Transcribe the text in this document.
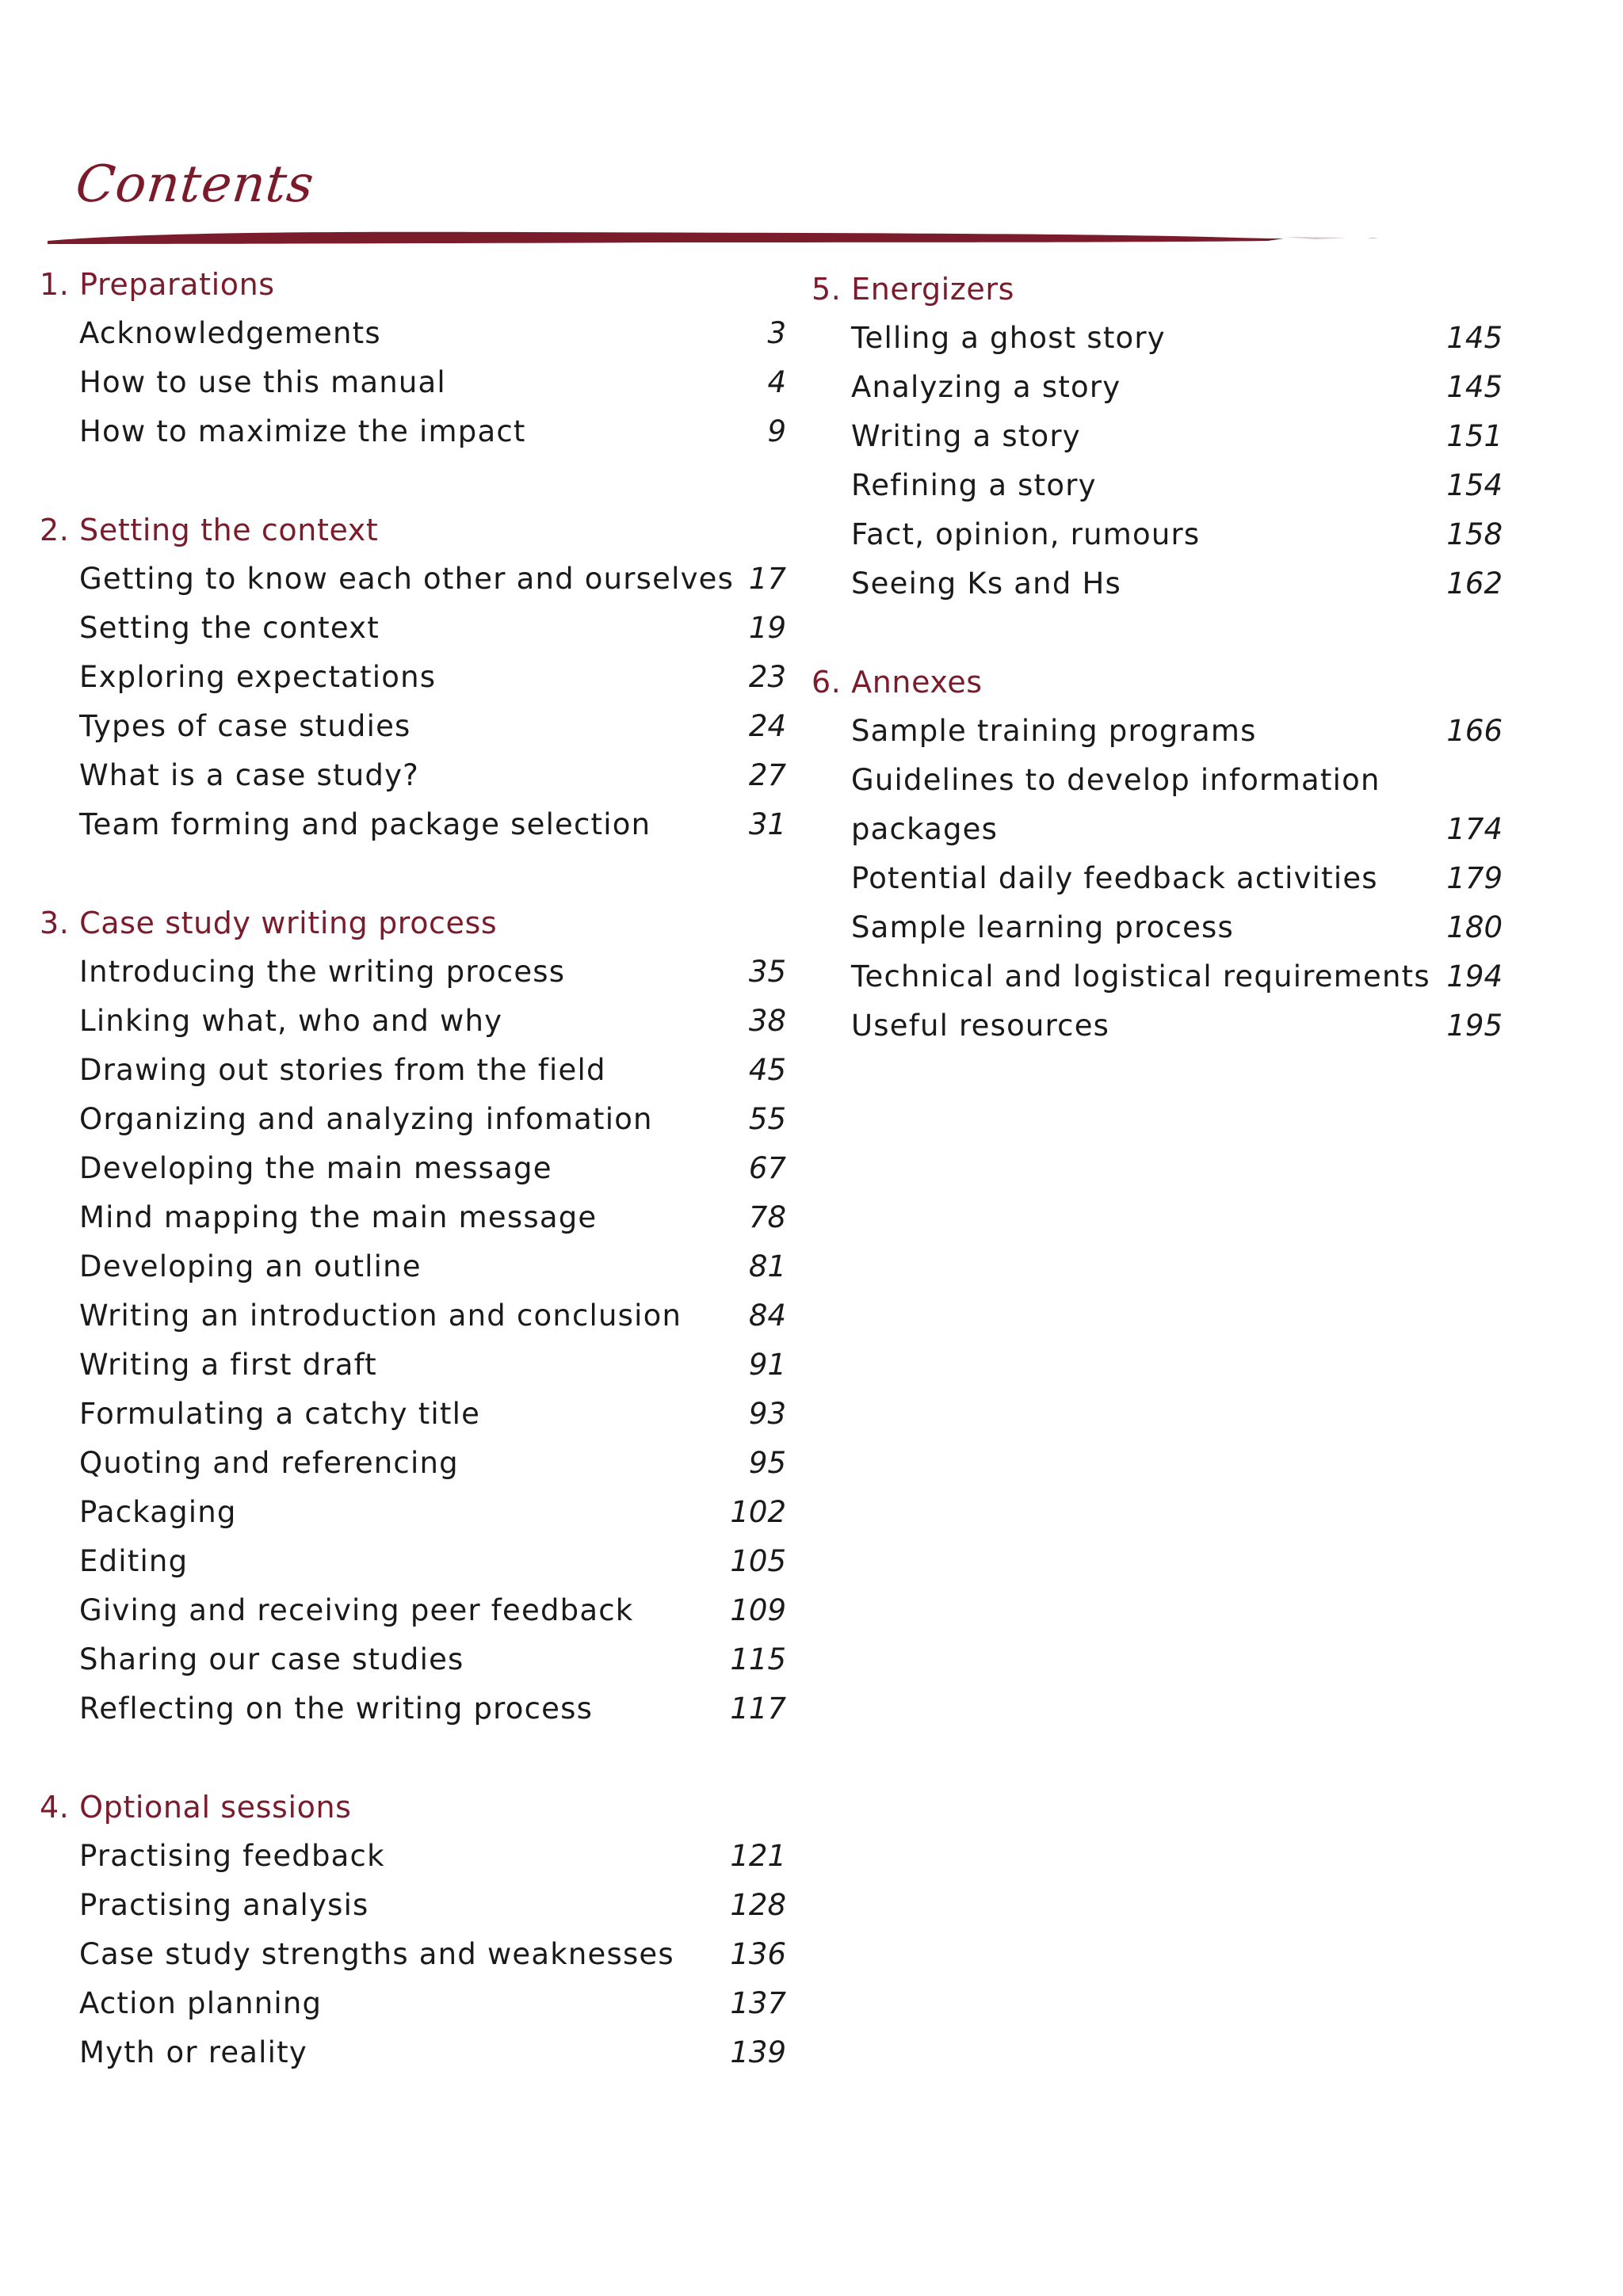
Contents
1. Preparations
Acknowledgements	3
How to use this manual	4
How to maximize the impact	9
2. Setting the context
Getting to know each other and ourselves 17
Setting the context	19
Exploring expectations	23
Types of case studies	24
What is a case study?	27
Team forming and package selection	31
3. Case study writing process
Introducing the writing process	35
Linking what, who and why	38
Drawing out stories from the field	45
Organizing and analyzing infomation	55
Developing the main message	67
Mind mapping the main message	78
Developing an outline	81
Writing an introduction and conclusion 84
Writing a first draft	91
Formulating a catchy title	93
Quoting and referencing	95
Packaging	102
Editing	105
Giving and receiving peer feedback	109
Sharing our case studies	115
Reflecting on the writing process	117
4. Optional sessions
Practising feedback	121
Practising analysis	128
Case study strengths and weaknesses 136
Action planning	137
Myth or reality	139
5. Energizers
Telling a ghost story	145
Analyzing a story	145
Writing a story	151
Refining a story	154
Fact, opinion, rumours	158
Seeing Ks and Hs	162
6. Annexes
Sample training programs	166
Guidelines to develop information
packages	174
Potential daily feedback activities 179
Sample learning process	180
Technical and logistical requirements 194
Useful resources	195
